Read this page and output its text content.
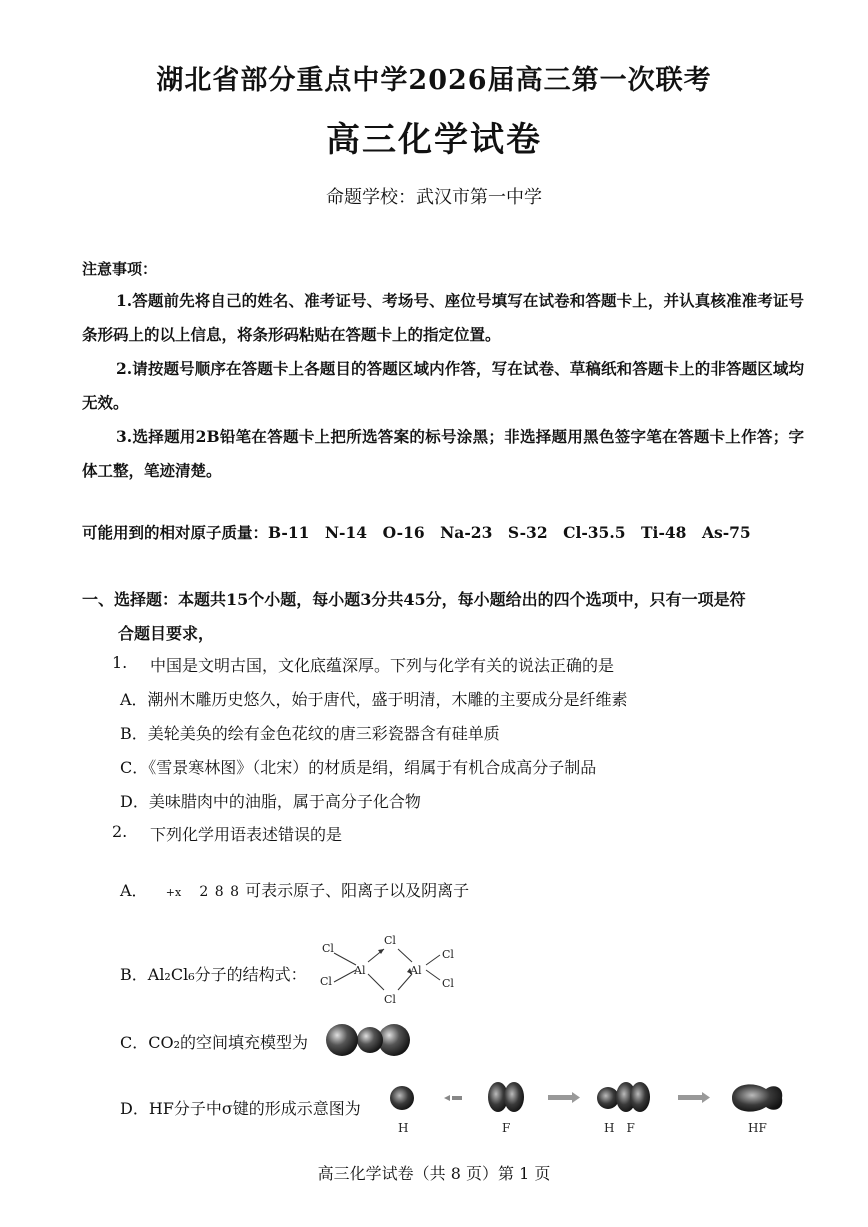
湖北省部分重点中学2026届高三第一次联考
高三化学试卷
命题学校：武汉市第一中学
注意事项：
1.答题前先将自己的姓名、准考证号、考场号、座位号填写在试卷和答题卡上，并认真核准准考证号条形码上的以上信息，将条形码粘贴在答题卡上的指定位置。
2.请按题号顺序在答题卡上各题目的答题区域内作答，写在试卷、草稿纸和答题卡上的非答题区域均无效。
3.选择题用2B铅笔在答题卡上把所选答案的标号涂黑；非选择题用黑色签字笔在答题卡上作答；字体工整，笔迹清楚。
可能用到的相对原子质量：B-11　N-14　O-16　Na-23　S-32　Cl-35.5　Ti-48　As-75
一、选择题：本题共15个小题，每小题3分共45分，每小题给出的四个选项中，只有一项是符
合题目要求，
1. 中国是文明古国，文化底蕴深厚。下列与化学有关的说法正确的是
A．潮州木雕历史悠久，始于唐代，盛于明清，木雕的主要成分是纤维素
B．美轮美奂的绘有金色花纹的唐三彩瓷器含有硅单质
C．《雪景寒林图》（北宋）的材质是绢，绢属于有机合成高分子制品
D．美味腊肉中的油脂，属于高分子化合物
2. 下列化学用语表述错误的是
A． +x 2 8 8 可表示原子、阳离子以及阴离子
B．Al₂Cl₆分子的结构式：
Cl
Cl
Cl
Cl
Cl
Cl
Al	Al
C．CO₂的空间填充模型为
D．HF分子中σ键的形成示意图为
H	F	H　F	HF
高三化学试卷（共 8 页）第 1 页
